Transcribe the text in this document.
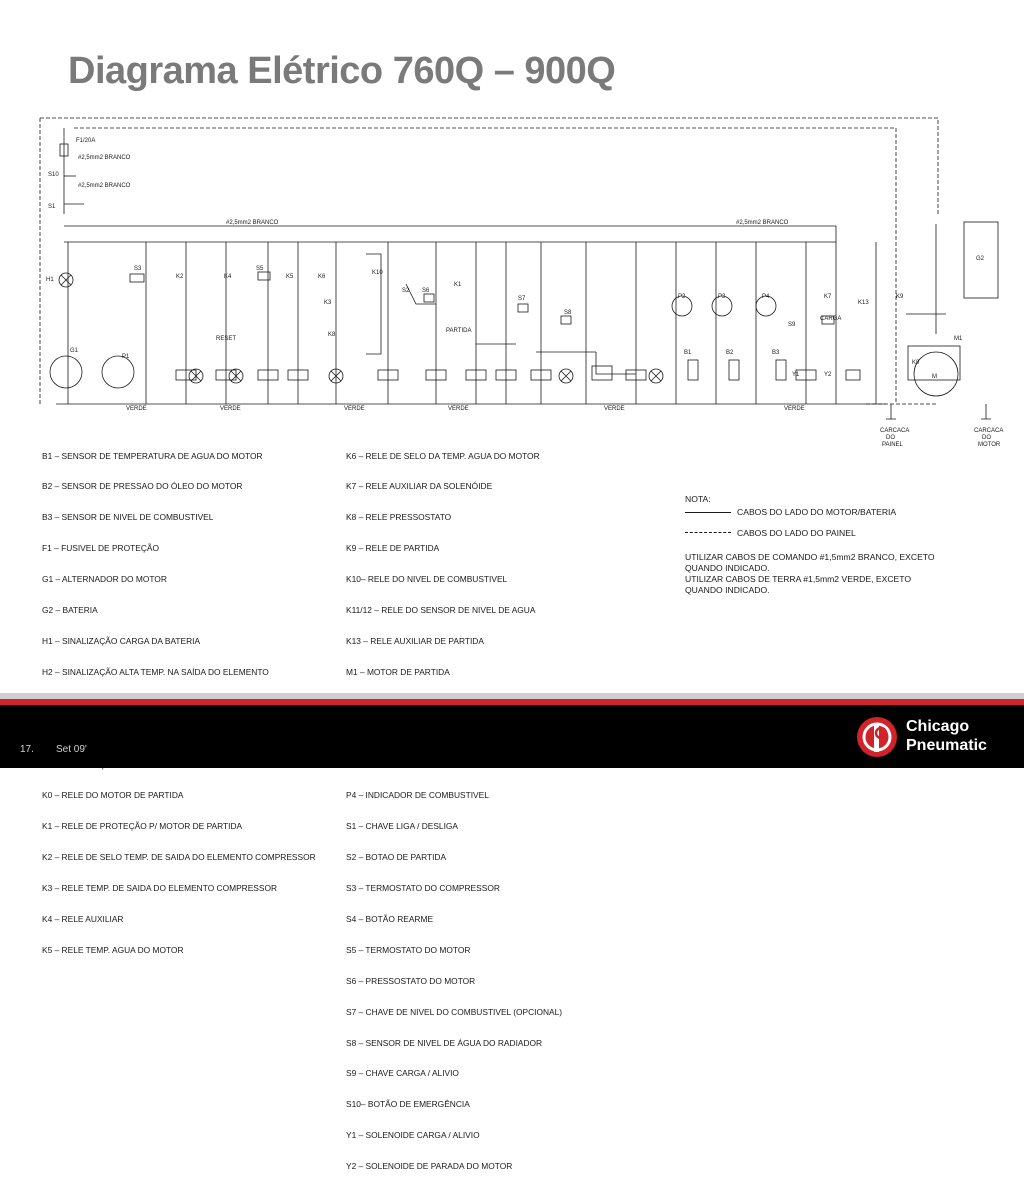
Diagrama Elétrico 760Q – 900Q
F1/20A
#2,5mm2 BRANCO
#2,5mm2 BRANCO
#2,5mm2 BRANCO	#2,5mm2 BRANCO
S10
S1
H1
G1
P1
S3
K2	K4
S5
K5	K6
K3
K8
K10
S2 S6
K1
S7
S8
P2	P3	P4
B1	B2	B3
S9
K7
K13
K9
Y1	Y2
G2
M1
K0
M
RESET
PARTIDA
CARGA
VERDE	VERDE	VERDE	VERDE	VERDE	VERDE
CARCACA
DO
PAINEL
CARCACA
DO
MOTOR

B1 – SENSOR DE TEMPERATURA DE AGUA DO MOTOR

B2 – SENSOR DE PRESSAO DO ÓLEO DO MOTOR

B3 – SENSOR DE NIVEL DE COMBUSTIVEL

F1 – FUSIVEL DE PROTEÇÃO

G1 – ALTERNADOR DO MOTOR

G2 – BATERIA

H1 – SINALIZAÇÃO CARGA DA BATERIA

H2 – SINALIZAÇÃO ALTA TEMP. NA SAÍDA DO ELEMENTO

K0 – RELE DO MOTOR DE PARTIDA

K1 – RELE DE PROTEÇÃO P/ MOTOR DE PARTIDA

K2 – RELE DE SELO TEMP. DE SAIDA DO ELEMENTO COMPRESSOR

K3 – RELE TEMP. DE SAIDA DO ELEMENTO COMPRESSOR

K4 – RELE AUXILIAR

K5 – RELE TEMP. AGUA DO MOTOR

K6 – RELE DE SELO DA TEMP. AGUA DO MOTOR

K7 – RELE AUXILIAR DA SOLENÓIDE

K8 – RELE PRESSOSTATO

K9 – RELE DE PARTIDA

K10– RELE DO NIVEL DE COMBUSTIVEL

K11/12 – RELE DO SENSOR DE NIVEL DE AGUA

K13 – RELE AUXILIAR DE PARTIDA

M1 – MOTOR DE PARTIDA

P4 – INDICADOR DE COMBUSTIVEL

S1 – CHAVE LIGA / DESLIGA

S2 – BOTAO DE PARTIDA

S3 – TERMOSTATO DO COMPRESSOR

S4 – BOTÃO REARME

S5 – TERMOSTATO DO MOTOR

S6 – PRESSOSTATO DO MOTOR

S7 – CHAVE DE NIVEL DO COMBUSTIVEL (OPCIONAL)

S8 – SENSOR DE NIVEL DE ÁGUA DO RADIADOR

S9 – CHAVE CARGA / ALIVIO

S10– BOTÃO DE EMERGÊNCIA

Y1 – SOLENOIDE CARGA / ALIVIO

Y2 – SOLENOIDE DE PARADA DO MOTOR

NOTA:
CABOS DO LADO DO MOTOR/BATERIA
CABOS DO LADO DO PAINEL
UTILIZAR CABOS DE COMANDO #1,5mm2 BRANCO, EXCETO
QUANDO INDICADO.
UTILIZAR CABOS DE TERRA #1,5mm2 VERDE, EXCETO
QUANDO INDICADO.
17. Set 09'
Chicago
Pneumatic
